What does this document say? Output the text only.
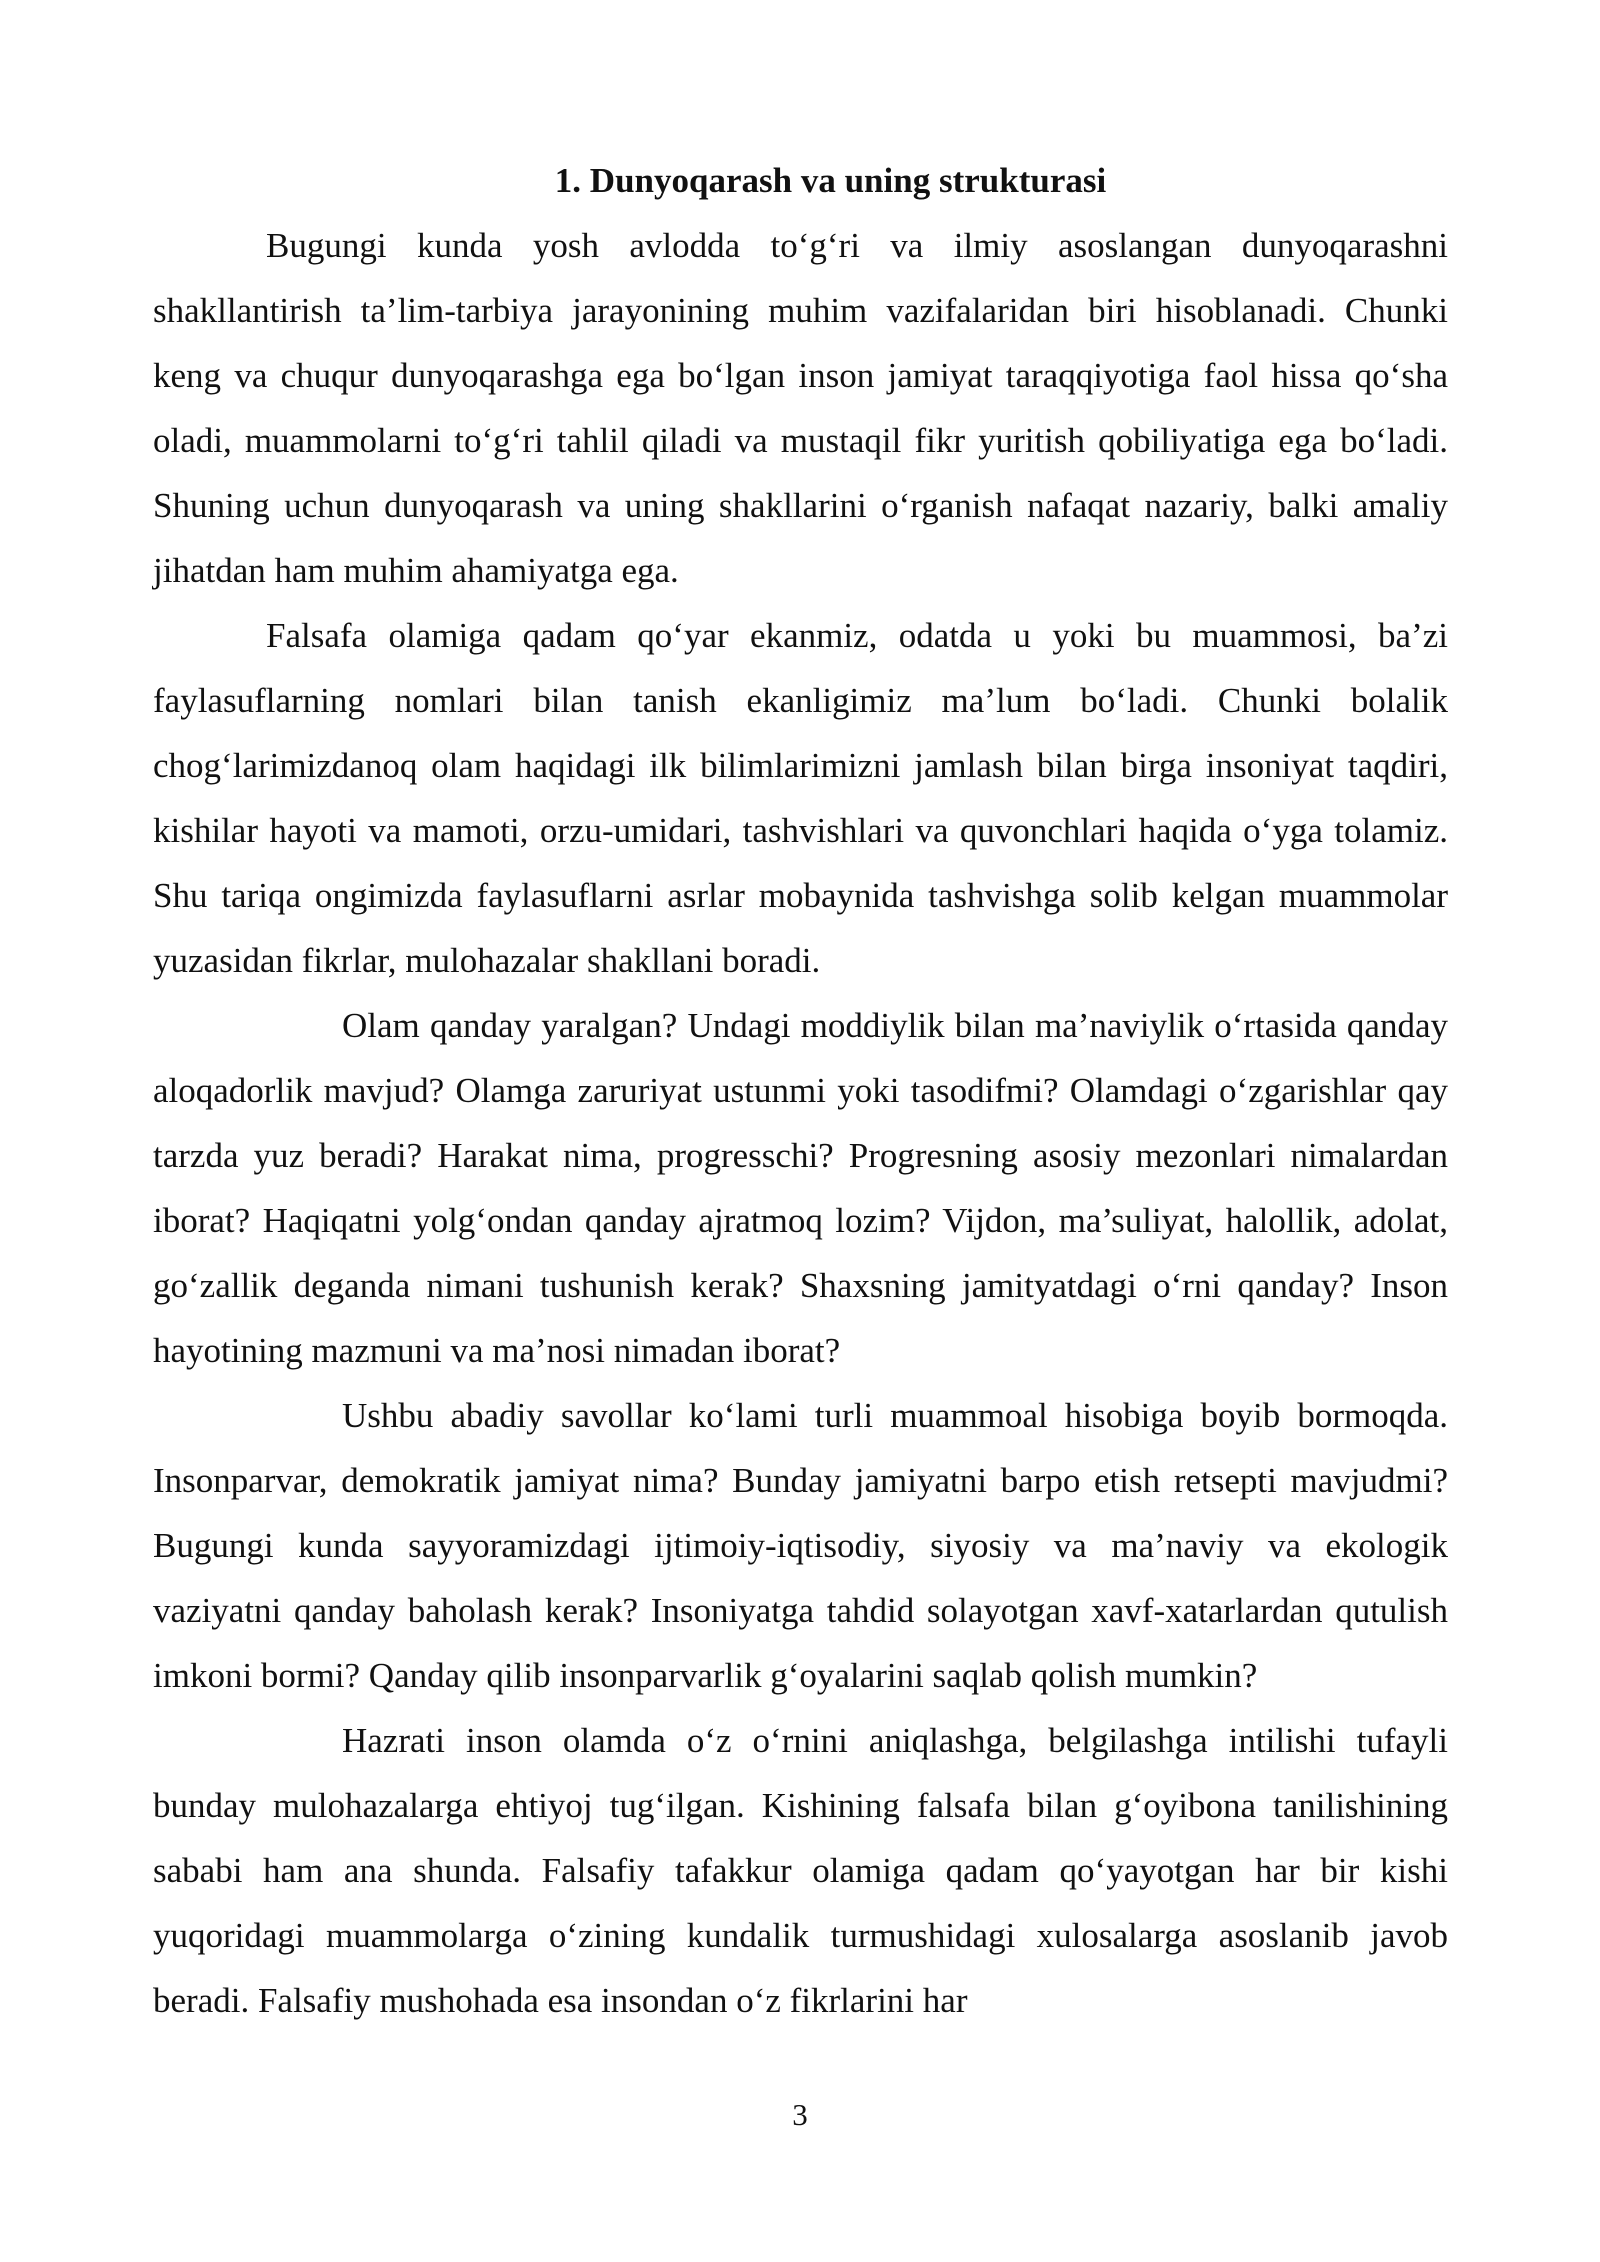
1. Dunyoqarash va uning strukturasi

Bugungi kunda yosh avlodda to‘g‘ri va ilmiy asoslangan dunyoqarashni shakllantirish ta’lim-tarbiya jarayonining muhim vazifalaridan biri hisoblanadi. Chunki keng va chuqur dunyoqarashga ega bo‘lgan inson jamiyat taraqqiyotiga faol hissa qo‘sha oladi, muammolarni to‘g‘ri tahlil qiladi va mustaqil fikr yuritish qobiliyatiga ega bo‘ladi. Shuning uchun dunyoqarash va uning shakllarini o‘rganish nafaqat nazariy, balki amaliy jihatdan ham muhim ahamiyatga ega.

Falsafa olamiga qadam qo‘yar ekanmiz, odatda u yoki bu muammosi, ba’zi faylasuflarning nomlari bilan tanish ekanligimiz ma’lum bo‘ladi. Chunki bolalik chog‘larimizdanoq olam haqidagi ilk bilimlarimizni jamlash bilan birga insoniyat taqdiri, kishilar hayoti va mamoti, orzu-umidari, tashvishlari va quvonchlari haqida o‘yga tolamiz. Shu tariqa ongimizda faylasuflarni asrlar mobaynida tashvishga solib kelgan muammolar yuzasidan fikrlar, mulohazalar shakllani boradi.

Olam qanday yaralgan? Undagi moddiylik bilan ma’naviylik o‘rtasida qanday aloqadorlik mavjud? Olamga zaruriyat ustunmi yoki tasodifmi? Olamdagi o‘zgarishlar qay tarzda yuz beradi? Harakat nima, progresschi? Progresning asosiy mezonlari nimalardan iborat? Haqiqatni yolg‘ondan qanday ajratmoq lozim? Vijdon, ma’suliyat, halollik, adolat, go‘zallik deganda nimani tushunish kerak? Shaxsning jamityatdagi o‘rni qanday? Inson hayotining mazmuni va ma’nosi nimadan iborat?

Ushbu abadiy savollar ko‘lami turli muammoal hisobiga boyib bormoqda. Insonparvar, demokratik jamiyat nima? Bunday jamiyatni barpo etish retsepti mavjudmi? Bugungi kunda sayyoramizdagi ijtimoiy-iqtisodiy, siyosiy va ma’naviy va ekologik vaziyatni qanday baholash kerak? Insoniyatga tahdid solayotgan xavf-xatarlardan qutulish imkoni bormi? Qanday qilib insonparvarlik g‘oyalarini saqlab qolish mumkin?

Hazrati inson olamda o‘z o‘rnini aniqlashga, belgilashga intilishi tufayli bunday mulohazalarga ehtiyoj tug‘ilgan. Kishining falsafa bilan g‘oyibona tanilishining sababi ham ana shunda. Falsafiy tafakkur olamiga qadam qo‘yayotgan har bir kishi yuqoridagi muammolarga o‘zining kundalik turmushidagi xulosalarga asoslanib javob beradi. Falsafiy mushohada esa insondan o‘z fikrlarini har

3
